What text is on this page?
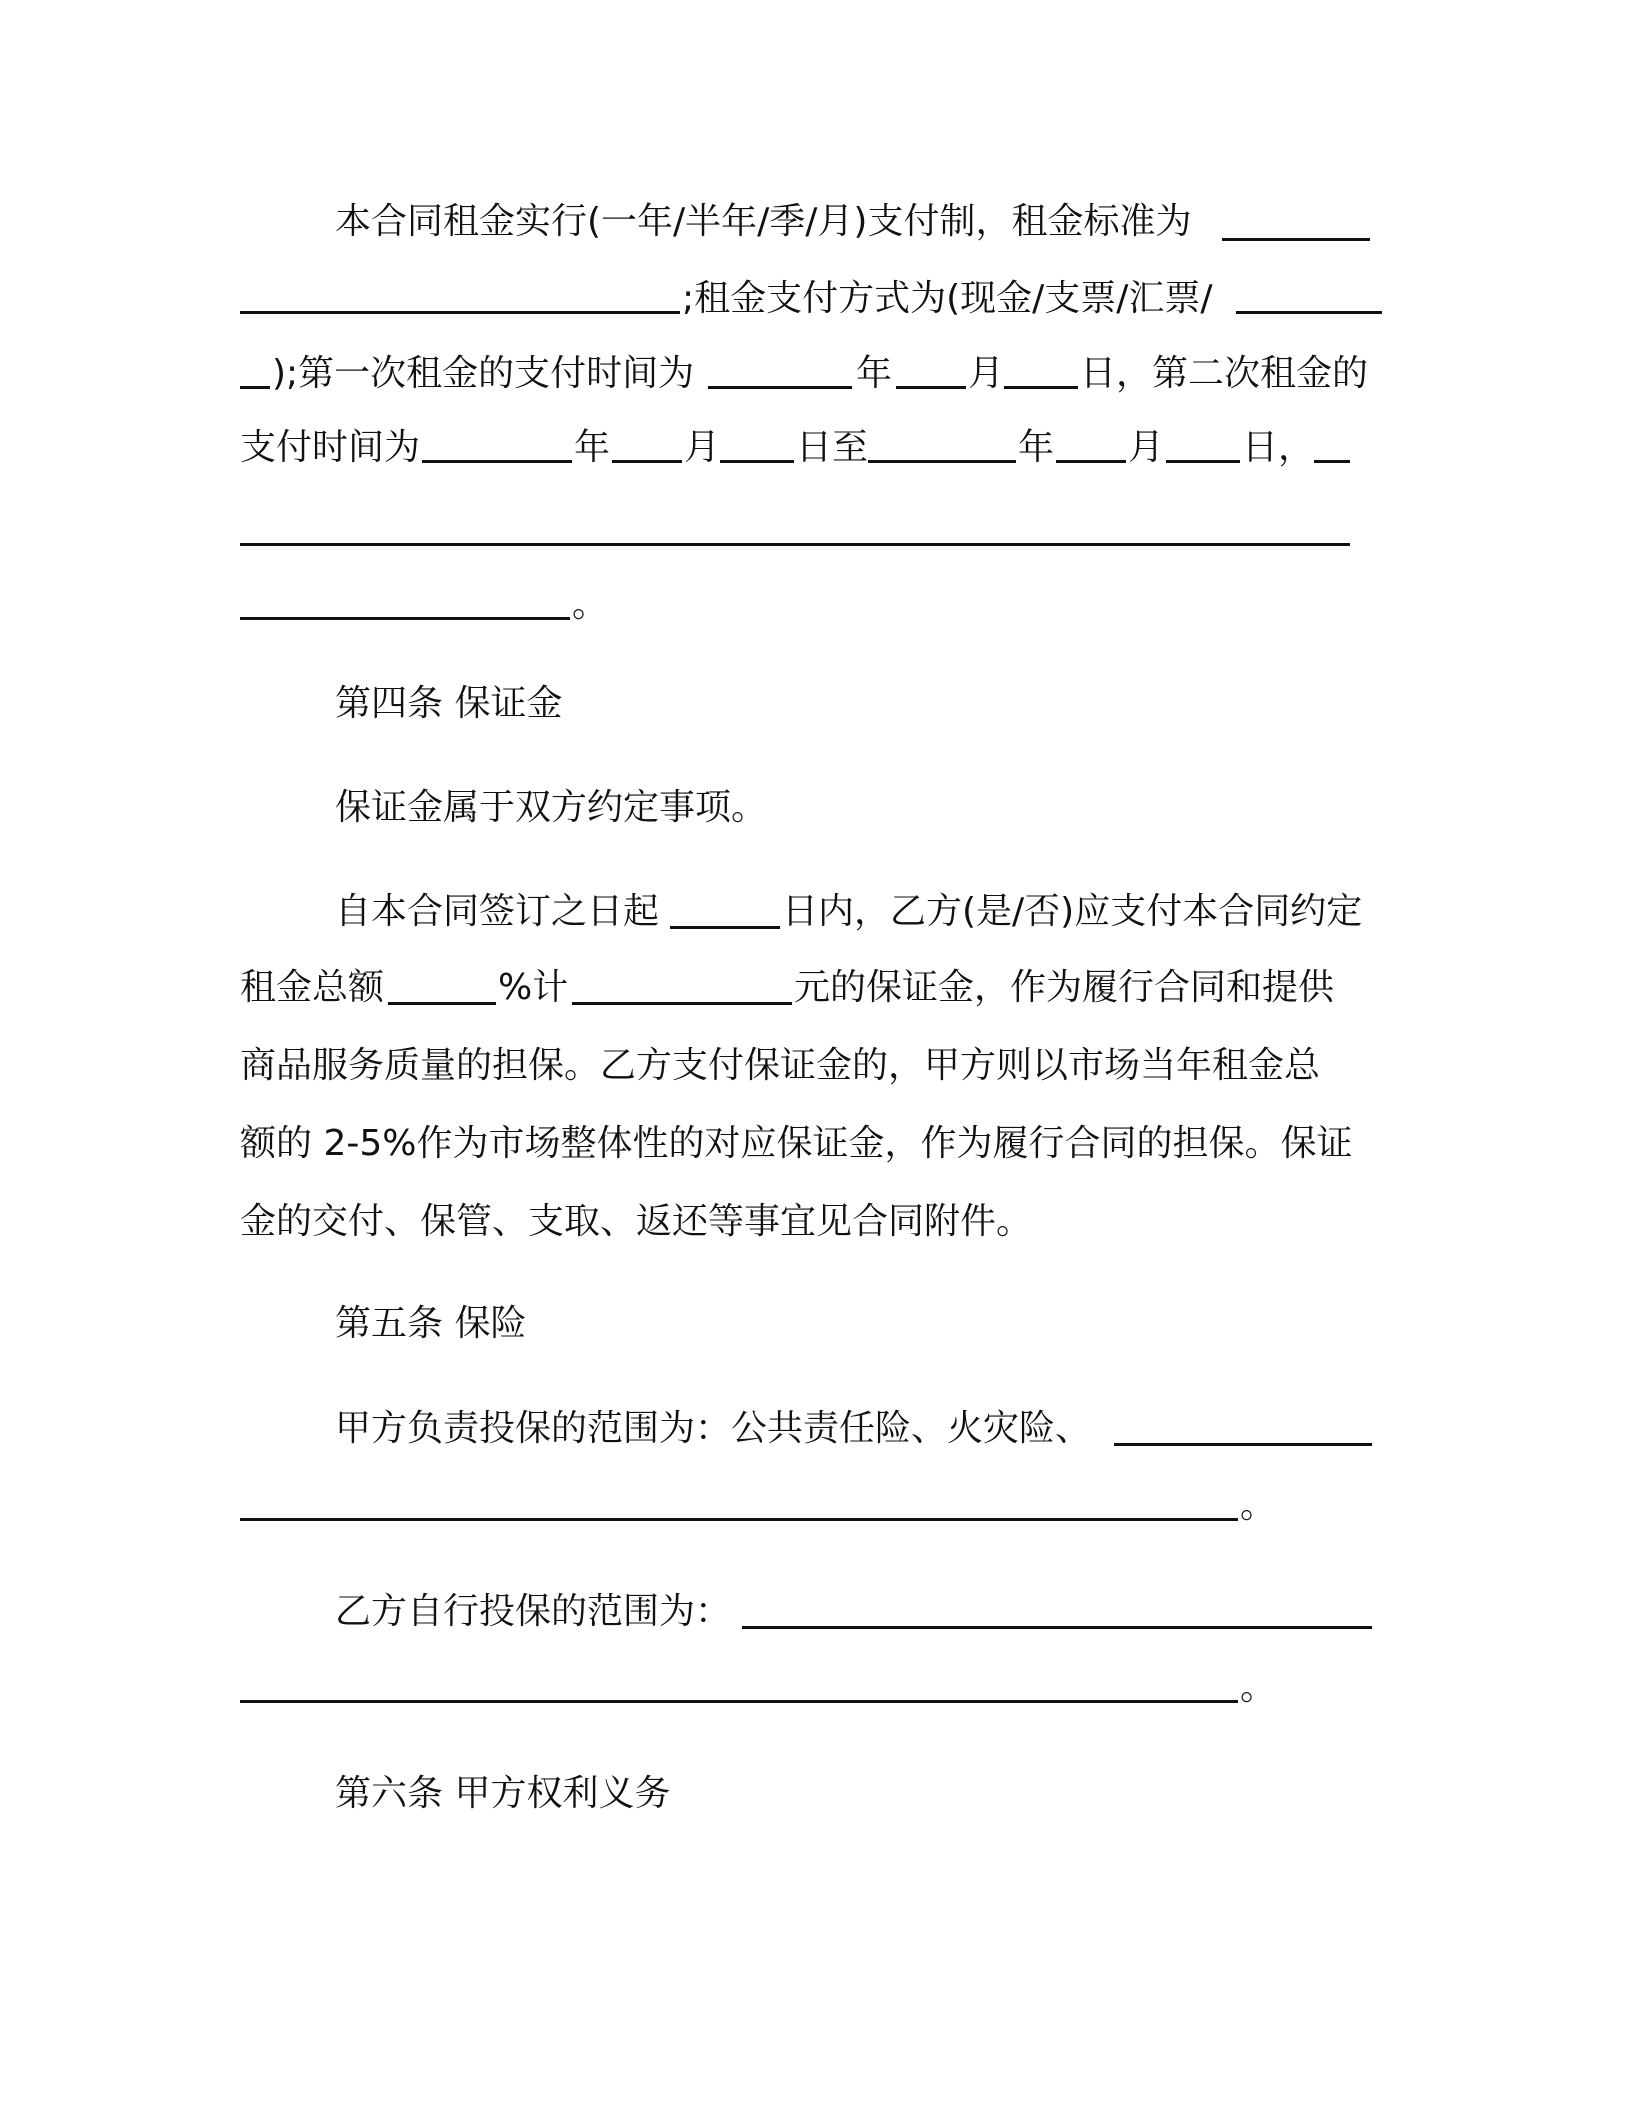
本合同租金实行(一年/半年/季/月)支付制，租金标准为
;租金支付方式为(现金/支票/汇票/
);第一次租金的支付时间为	年 月 日，第二次租金的
支付时间为	年 月 日至	年 月 日，
。
第四条 保证金
保证金属于双方约定事项。
自本合同签订之日起	日内，乙方(是/否)应支付本合同约定
租金总额	%计	元的保证金，作为履行合同和提供
商品服务质量的担保。乙方支付保证金的，甲方则以市场当年租金总
额的 2-5%作为市场整体性的对应保证金，作为履行合同的担保。保证
金的交付、保管、支取、返还等事宜见合同附件。
第五条 保险
甲方负责投保的范围为：公共责任险、火灾险、
。
乙方自行投保的范围为：
。
第六条 甲方权利义务
